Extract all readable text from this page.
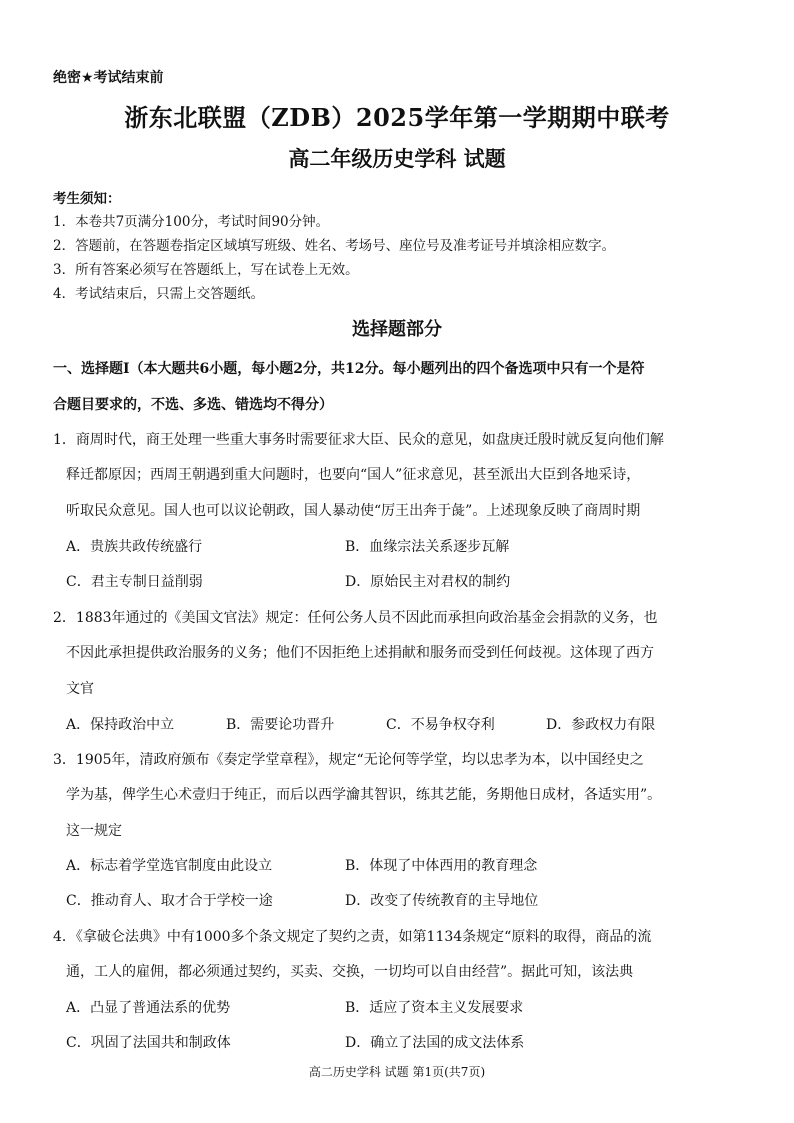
绝密★考试结束前
浙东北联盟（ZDB）2025学年第一学期期中联考
高二年级历史学科 试题
考生须知：
1．本卷共7页满分100分，考试时间90分钟。
2．答题前，在答题卷指定区域填写班级、姓名、考场号、座位号及准考证号并填涂相应数字。
3．所有答案必须写在答题纸上，写在试卷上无效。
4．考试结束后，只需上交答题纸。
选择题部分
一、选择题Ⅰ（本大题共6小题，每小题2分，共12分。每小题列出的四个备选项中只有一个是符
合题目要求的，不选、多选、错选均不得分）
1．商周时代，商王处理一些重大事务时需要征求大臣、民众的意见，如盘庚迁殷时就反复向他们解
释迁都原因；西周王朝遇到重大问题时，也要向“国人”征求意见，甚至派出大臣到各地采诗，
听取民众意见。国人也可以议论朝政，国人暴动使“厉王出奔于彘”。上述现象反映了商周时期
A．贵族共政传统盛行	B．血缘宗法关系逐步瓦解
C．君主专制日益削弱	D．原始民主对君权的制约
2．1883年通过的《美国文官法》规定：任何公务人员不因此而承担向政治基金会捐款的义务，也
不因此承担提供政治服务的义务；他们不因拒绝上述捐献和服务而受到任何歧视。这体现了西方
文官
A．保持政治中立	B．需要论功晋升	C．不易争权夺利	D．参政权力有限
3．1905年，清政府颁布《奏定学堂章程》，规定“无论何等学堂，均以忠孝为本，以中国经史之
学为基，俾学生心术壹归于纯正，而后以西学瀹其智识，练其艺能，务期他日成材，各适实用”。
这一规定
A．标志着学堂选官制度由此设立	B．体现了中体西用的教育理念
C．推动育人、取才合于学校一途	D．改变了传统教育的主导地位
4．《拿破仑法典》中有1000多个条文规定了契约之责，如第1134条规定“原料的取得，商品的流
通，工人的雇佣，都必须通过契约，买卖、交换，一切均可以自由经营”。据此可知，该法典
A．凸显了普通法系的优势	B．适应了资本主义发展要求
C．巩固了法国共和制政体	D．确立了法国的成文法体系
高二历史学科 试题 第1页(共7页)
